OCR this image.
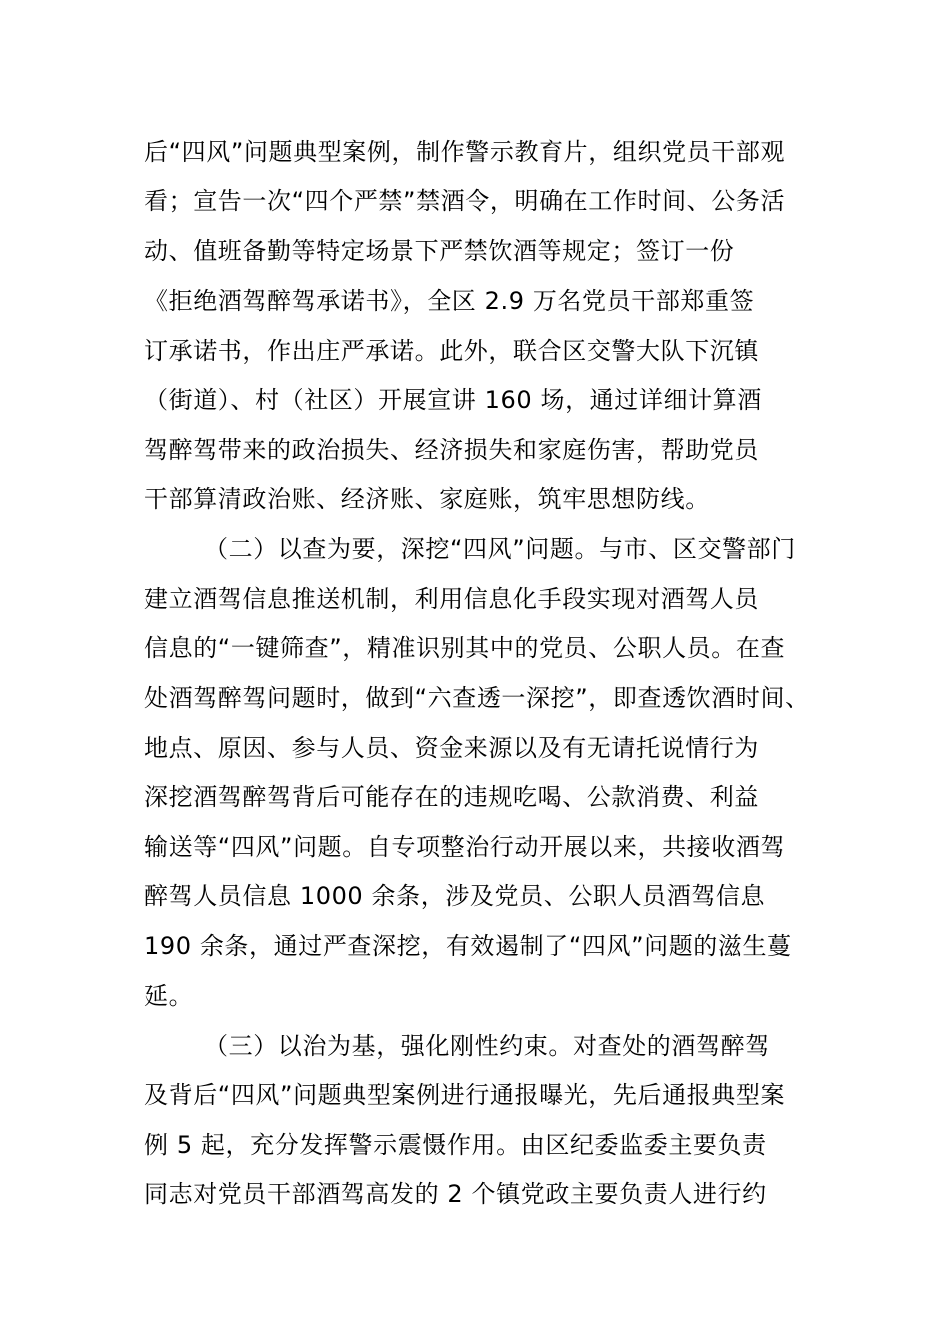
后“四风”问题典型案例，制作警示教育片，组织党员干部观
看；宣告一次“四个严禁”禁酒令，明确在工作时间、公务活
动、值班备勤等特定场景下严禁饮酒等规定；签订一份
《拒绝酒驾醉驾承诺书》，全区 2.9 万名党员干部郑重签
订承诺书，作出庄严承诺。此外，联合区交警大队下沉镇
（街道）、村（社区）开展宣讲 160 场，通过详细计算酒
驾醉驾带来的政治损失、经济损失和家庭伤害，帮助党员
干部算清政治账、经济账、家庭账，筑牢思想防线。
（二）以查为要，深挖“四风”问题。与市、区交警部门
建立酒驾信息推送机制，利用信息化手段实现对酒驾人员
信息的“一键筛查”，精准识别其中的党员、公职人员。在查
处酒驾醉驾问题时，做到“六查透一深挖”，即查透饮酒时间、
地点、原因、参与人员、资金来源以及有无请托说情行为
深挖酒驾醉驾背后可能存在的违规吃喝、公款消费、利益
输送等“四风”问题。自专项整治行动开展以来，共接收酒驾
醉驾人员信息 1000 余条，涉及党员、公职人员酒驾信息
190 余条，通过严查深挖，有效遏制了“四风”问题的滋生蔓
延。
（三）以治为基，强化刚性约束。对查处的酒驾醉驾
及背后“四风”问题典型案例进行通报曝光，先后通报典型案
例 5 起，充分发挥警示震慑作用。由区纪委监委主要负责
同志对党员干部酒驾高发的 2 个镇党政主要负责人进行约
